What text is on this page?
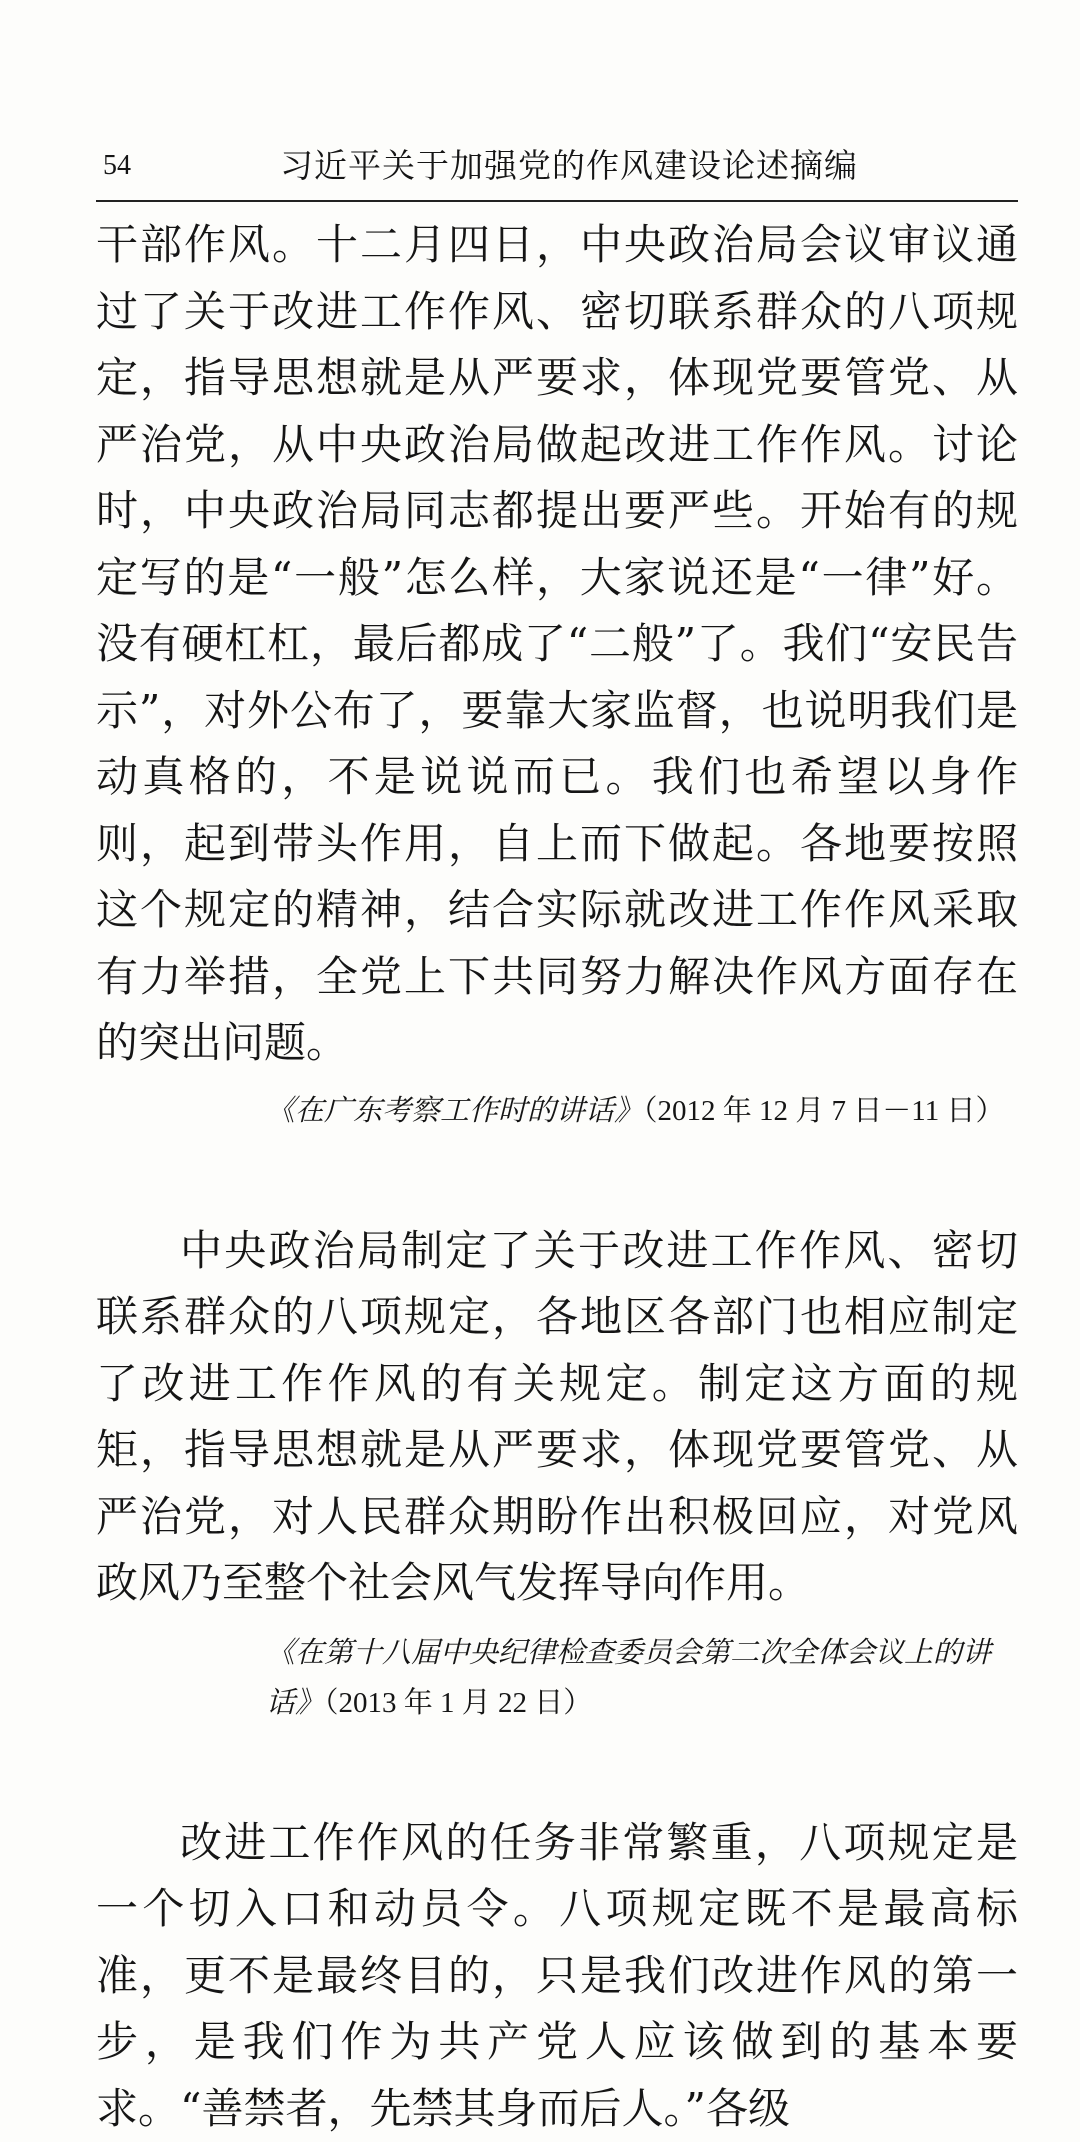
54	习近平关于加强党的作风建设论述摘编

干部作风。十二月四日，中央政治局会议审议通过了关于改进工作作风、密切联系群众的八项规定，指导思想就是从严要求，体现党要管党、从严治党，从中央政治局做起改进工作作风。讨论时，中央政治局同志都提出要严些。开始有的规定写的是“一般”怎么样，大家说还是“一律”好。没有硬杠杠，最后都成了“二般”了。我们“安民告示”，对外公布了，要靠大家监督，也说明我们是动真格的，不是说说而已。我们也希望以身作则，起到带头作用，自上而下做起。各地要按照这个规定的精神，结合实际就改进工作作风采取有力举措，全党上下共同努力解决作风方面存在的突出问题。

《在广东考察工作时的讲话》（2012 年 12 月 7 日－11 日）

中央政治局制定了关于改进工作作风、密切联系群众的八项规定，各地区各部门也相应制定了改进工作作风的有关规定。制定这方面的规矩，指导思想就是从严要求，体现党要管党、从严治党，对人民群众期盼作出积极回应，对党风政风乃至整个社会风气发挥导向作用。

《在第十八届中央纪律检查委员会第二次全体会议上的讲话》（2013 年 1 月 22 日）

改进工作作风的任务非常繁重，八项规定是一个切入口和动员令。八项规定既不是最高标准，更不是最终目的，只是我们改进作风的第一步，是我们作为共产党人应该做到的基本要求。“善禁者，先禁其身而后人。”各级
